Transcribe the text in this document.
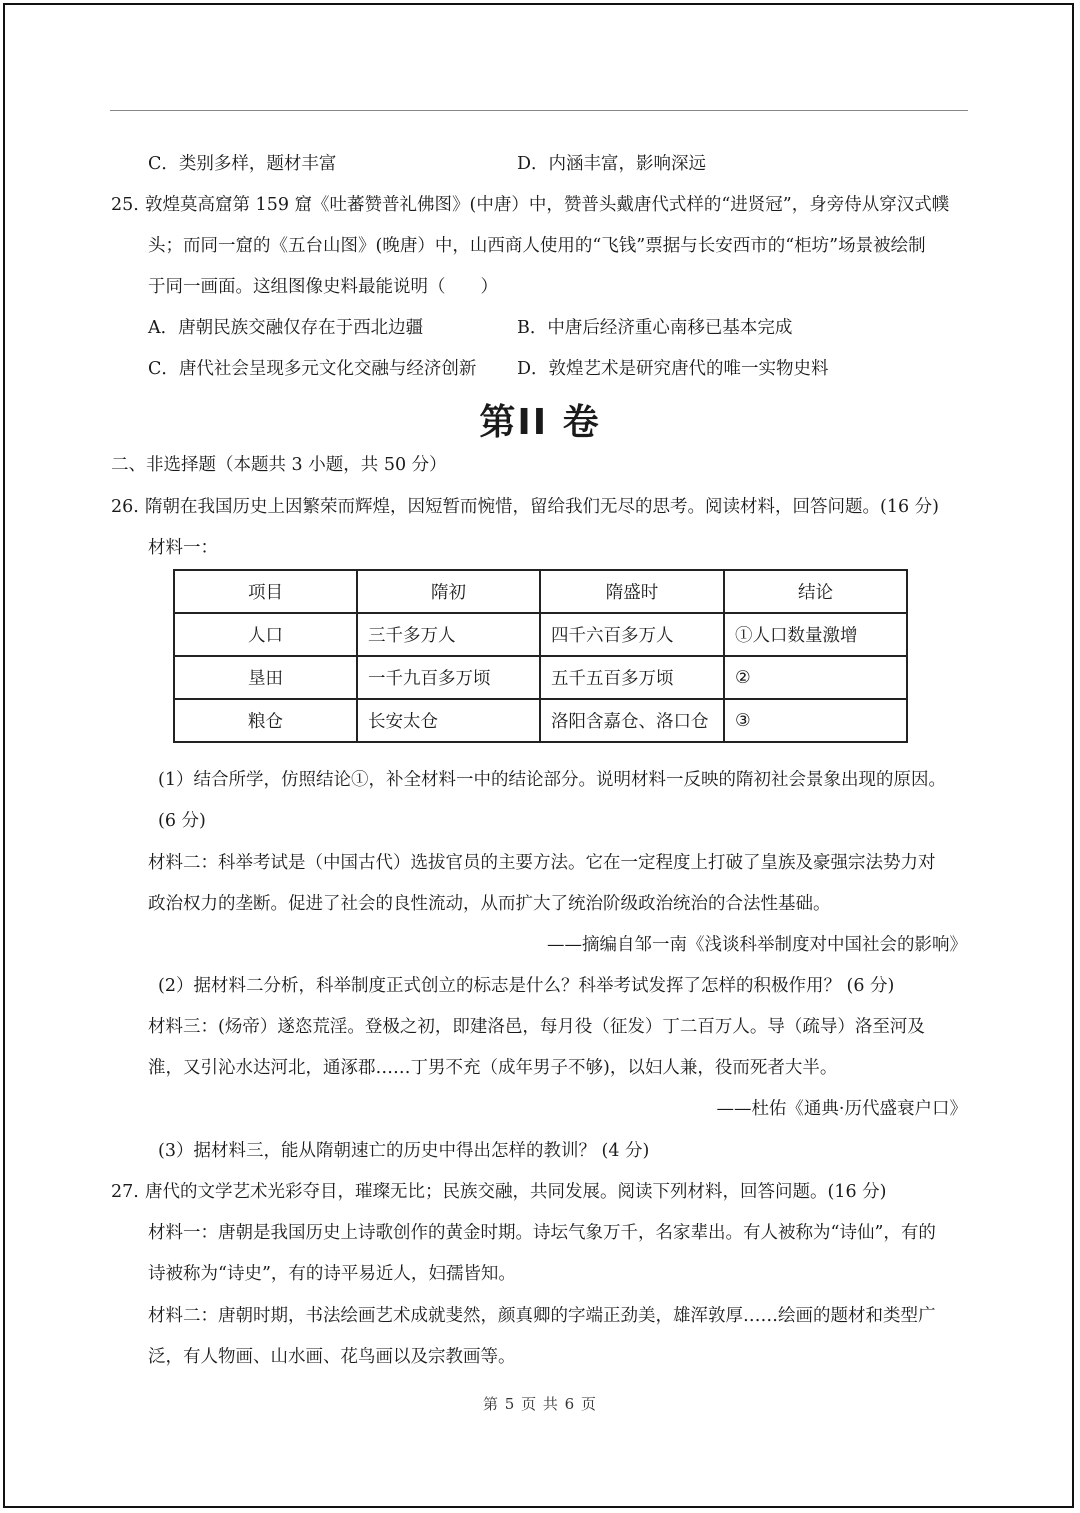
C．类别多样，题材丰富	D．内涵丰富，影响深远
25. 敦煌莫高窟第 159 窟《吐蕃赞普礼佛图》(中唐）中，赞普头戴唐代式样的“进贤冠”，身旁侍从穿汉式幞
头；而同一窟的《五台山图》(晚唐）中，山西商人使用的“飞钱”票据与长安西市的“柜坊”场景被绘制
于同一画面。这组图像史料最能说明（　　）
A．唐朝民族交融仅存在于西北边疆	B．中唐后经济重心南移已基本完成
C．唐代社会呈现多元文化交融与经济创新 D．敦煌艺术是研究唐代的唯一实物史料
第II 卷
二、非选择题（本题共 3 小题，共 50 分）
26. 隋朝在我国历史上因繁荣而辉煌，因短暂而惋惜，留给我们无尽的思考。阅读材料，回答问题。(16 分)
材料一：
项目	隋初	隋盛时	结论
人口	三千多万人	四千六百多万人	①人口数量激增
垦田	一千九百多万顷	五千五百多万顷	②
粮仓	长安太仓	洛阳含嘉仓、洛口仓	③
(1）结合所学，仿照结论①，补全材料一中的结论部分。说明材料一反映的隋初社会景象出现的原因。
(6 分)
材料二：科举考试是（中国古代）选拔官员的主要方法。它在一定程度上打破了皇族及豪强宗法势力对
政治权力的垄断。促进了社会的良性流动，从而扩大了统治阶级政治统治的合法性基础。
——摘编自邹一南《浅谈科举制度对中国社会的影响》
(2）据材料二分析，科举制度正式创立的标志是什么？科举考试发挥了怎样的积极作用？ (6 分)
材料三：(炀帝）遂恣荒淫。登极之初，即建洛邑，每月役（征发）丁二百万人。导（疏导）洛至河及
淮，又引沁水达河北，通涿郡……丁男不充（成年男子不够)，以妇人兼，役而死者大半。
——杜佑《通典·历代盛衰户口》
(3）据材料三，能从隋朝速亡的历史中得出怎样的教训？ (4 分)
27. 唐代的文学艺术光彩夺目，璀璨无比；民族交融，共同发展。阅读下列材料，回答问题。(16 分)
材料一：唐朝是我国历史上诗歌创作的黄金时期。诗坛气象万千，名家辈出。有人被称为“诗仙”，有的
诗被称为“诗史”，有的诗平易近人，妇孺皆知。
材料二：唐朝时期，书法绘画艺术成就斐然，颜真卿的字端正劲美，雄浑敦厚……绘画的题材和类型广
泛，有人物画、山水画、花鸟画以及宗教画等。
第 5 页 共 6 页
